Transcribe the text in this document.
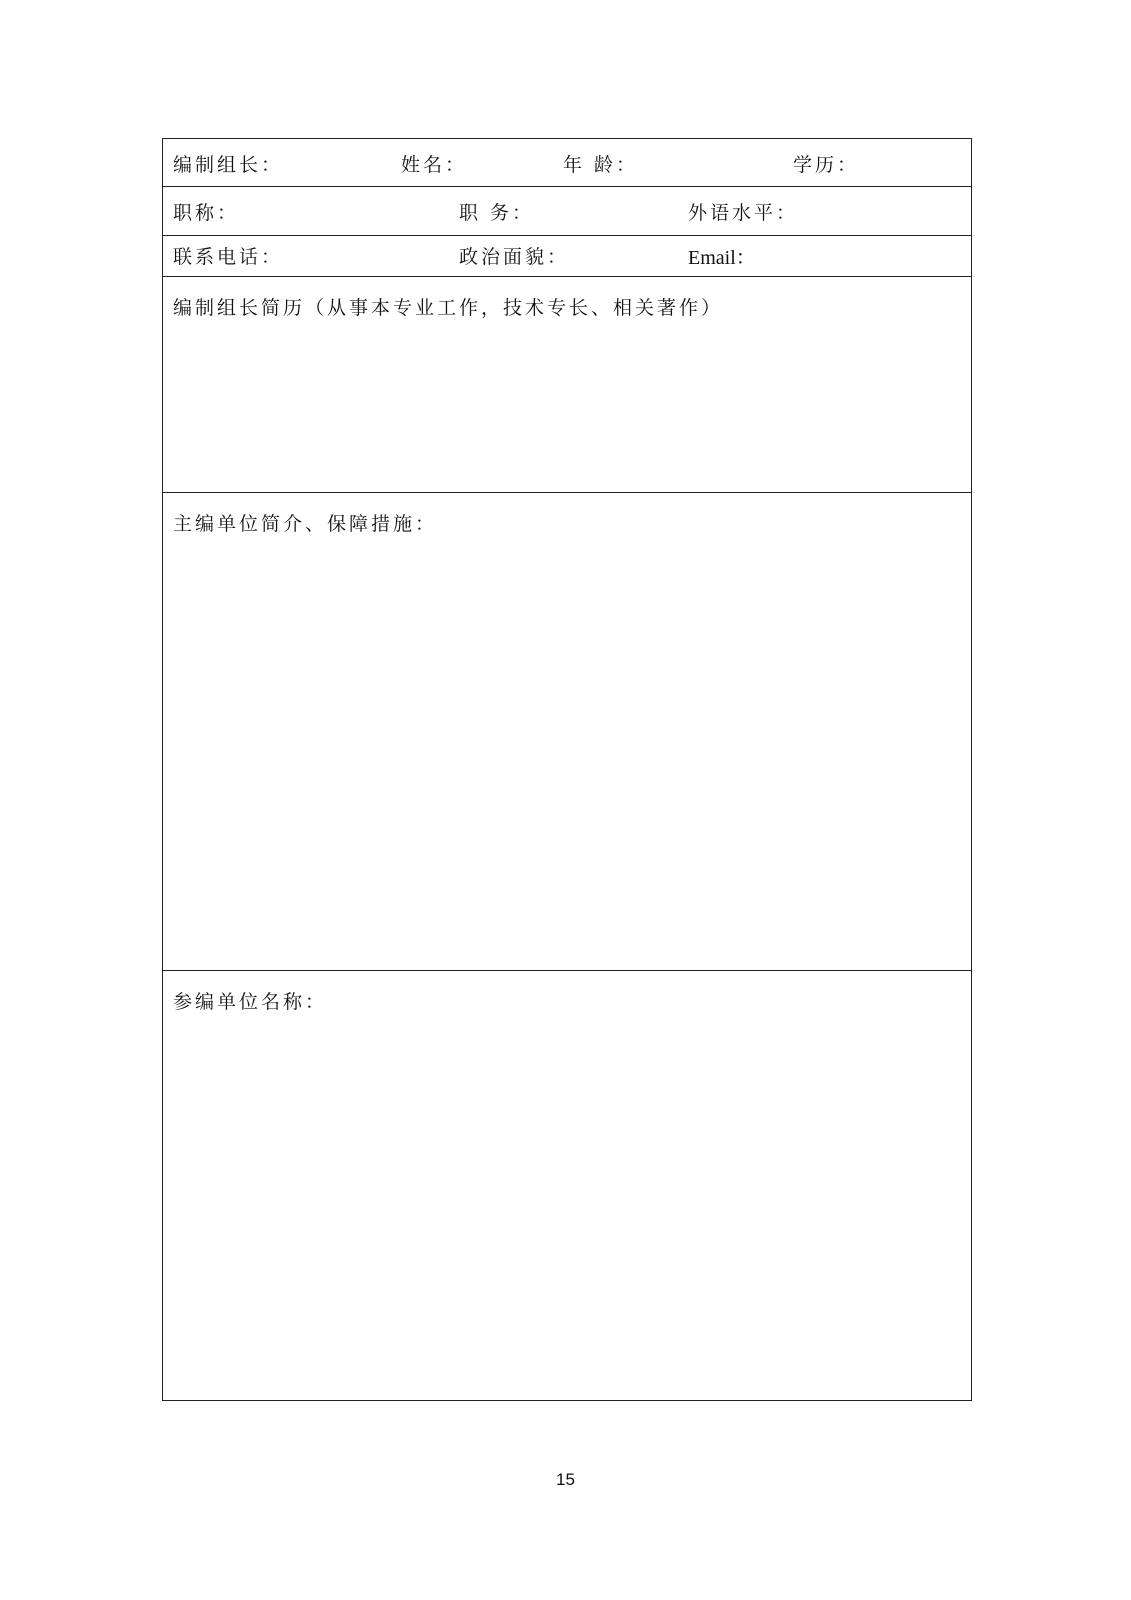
编制组长：	姓名：	年 龄：	学历：
职称：	职 务：	外语水平：
联系电话：	政治面貌：	Email：
编制组长简历（从事本专业工作，技术专长、相关著作）
主编单位简介、保障措施：
参编单位名称：
15
